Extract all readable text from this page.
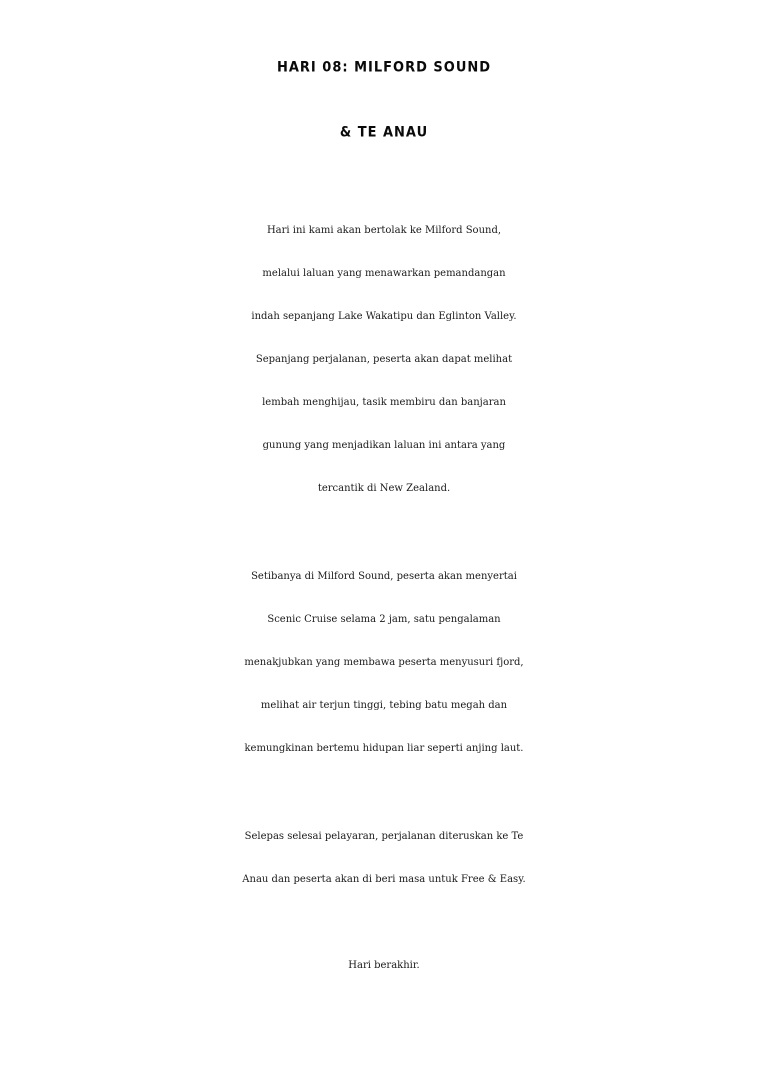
HARI 08: MILFORD SOUND
& TE ANAU
Hari ini kami akan bertolak ke Milford Sound,
melalui laluan yang menawarkan pemandangan
indah sepanjang Lake Wakatipu dan Eglinton Valley.
Sepanjang perjalanan, peserta akan dapat melihat
lembah menghijau, tasik membiru dan banjaran
gunung yang menjadikan laluan ini antara yang
tercantik di New Zealand.
Setibanya di Milford Sound, peserta akan menyertai
Scenic Cruise selama 2 jam, satu pengalaman
menakjubkan yang membawa peserta menyusuri fjord,
melihat air terjun tinggi, tebing batu megah dan
kemungkinan bertemu hidupan liar seperti anjing laut.
Selepas selesai pelayaran, perjalanan diteruskan ke Te
Anau dan peserta akan di beri masa untuk Free & Easy.
Hari berakhir.
